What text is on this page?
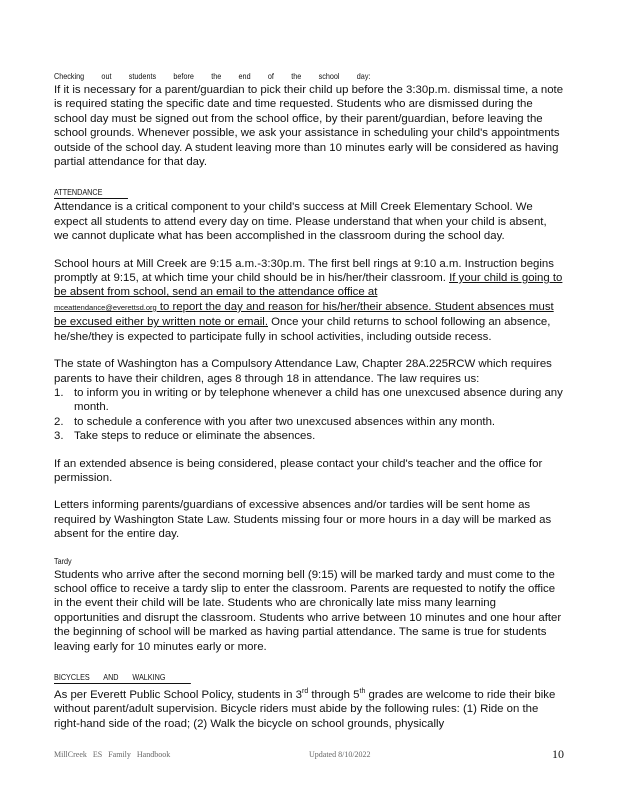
Checking out students before the end of the school day:

If it is necessary for a parent/guardian to pick their child up before the 3:30p.m. dismissal time, a note is required stating the specific date and time requested. Students who are dismissed during the school day must be signed out from the school office, by their parent/guardian, before leaving the school grounds. Whenever possible, we ask your assistance in scheduling your child's appointments outside of the school day. A student leaving more than 10 minutes early will be considered as having partial attendance for that day.

ATTENDANCE

Attendance is a critical component to your child's success at Mill Creek Elementary School. We expect all students to attend every day on time. Please understand that when your child is absent, we cannot duplicate what has been accomplished in the classroom during the school day.

School hours at Mill Creek are 9:15 a.m.-3:30p.m. The first bell rings at 9:10 a.m. Instruction begins promptly at 9:15, at which time your child should be in his/her/their classroom. If your child is going to be absent from school, send an email to the attendance office at
mceattendance@everettsd.org to report the day and reason for his/her/their absence. Student absences must be excused either by written note or email. Once your child returns to school following an absence, he/she/they is expected to participate fully in school activities, including outside recess.

The state of Washington has a Compulsory Attendance Law, Chapter 28A.225RCW which requires parents to have their children, ages 8 through 18 in attendance. The law requires us:

1. to inform you in writing or by telephone whenever a child has one unexcused absence during any month.
2. to schedule a conference with you after two unexcused absences within any month.
3. Take steps to reduce or eliminate the absences.

If an extended absence is being considered, please contact your child's teacher and the office for permission.

Letters informing parents/guardians of excessive absences and/or tardies will be sent home as required by Washington State Law. Students missing four or more hours in a day will be marked as absent for the entire day.

Tardy

Students who arrive after the second morning bell (9:15) will be marked tardy and must come to the school office to receive a tardy slip to enter the classroom. Parents are requested to notify the office in the event their child will be late. Students who are chronically late miss many learning opportunities and disrupt the classroom. Students who arrive between 10 minutes and one hour after the beginning of school will be marked as having partial attendance. The same is true for students leaving early for 10 minutes early or more.

BICYCLES AND WALKING

As per Everett Public School Policy, students in 3rd through 5th grades are welcome to ride their bike without parent/adult supervision. Bicycle riders must abide by the following rules: (1) Ride on the right-hand side of the road; (2) Walk the bicycle on school grounds, physically

MillCreek ES Family Handbook	Updated 8/10/2022	10
